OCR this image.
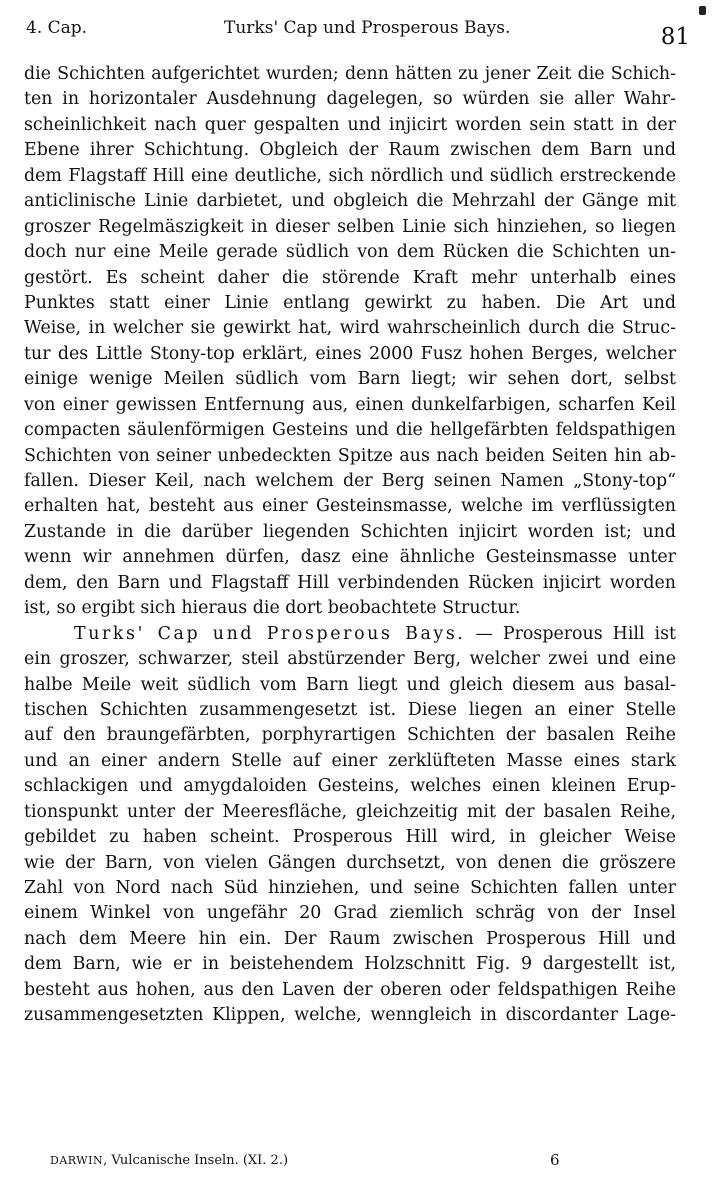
4. Cap.	Turks' Cap und Prosperous Bays.	81
die Schichten aufgerichtet wurden; denn hätten zu jener Zeit die Schich-
ten in horizontaler Ausdehnung dagelegen, so würden sie aller Wahr-
scheinlichkeit nach quer gespalten und injicirt worden sein statt in der
Ebene ihrer Schichtung. Obgleich der Raum zwischen dem Barn und
dem Flagstaff Hill eine deutliche, sich nördlich und südlich erstreckende
anticlinische Linie darbietet, und obgleich die Mehrzahl der Gänge mit
groszer Regelmäszigkeit in dieser selben Linie sich hinziehen, so liegen
doch nur eine Meile gerade südlich von dem Rücken die Schichten un-
gestört. Es scheint daher die störende Kraft mehr unterhalb eines
Punktes statt einer Linie entlang gewirkt zu haben. Die Art und
Weise, in welcher sie gewirkt hat, wird wahrscheinlich durch die Struc-
tur des Little Stony-top erklärt, eines 2000 Fusz hohen Berges, welcher
einige wenige Meilen südlich vom Barn liegt; wir sehen dort, selbst
von einer gewissen Entfernung aus, einen dunkelfarbigen, scharfen Keil
compacten säulenförmigen Gesteins und die hellgefärbten feldspathigen
Schichten von seiner unbedeckten Spitze aus nach beiden Seiten hin ab-
fallen. Dieser Keil, nach welchem der Berg seinen Namen „Stony-top“
erhalten hat, besteht aus einer Gesteinsmasse, welche im verflüssigten
Zustande in die darüber liegenden Schichten injicirt worden ist; und
wenn wir annehmen dürfen, dasz eine ähnliche Gesteinsmasse unter
dem, den Barn und Flagstaff Hill verbindenden Rücken injicirt worden
ist, so ergibt sich hieraus die dort beobachtete Structur.
Turks' Cap und Prosperous Bays. — Prosperous Hill ist
ein groszer, schwarzer, steil abstürzender Berg, welcher zwei und eine
halbe Meile weit südlich vom Barn liegt und gleich diesem aus basal-
tischen Schichten zusammengesetzt ist. Diese liegen an einer Stelle
auf den braungefärbten, porphyrartigen Schichten der basalen Reihe
und an einer andern Stelle auf einer zerklüfteten Masse eines stark
schlackigen und amygdaloiden Gesteins, welches einen kleinen Erup-
tionspunkt unter der Meeresfläche, gleichzeitig mit der basalen Reihe,
gebildet zu haben scheint. Prosperous Hill wird, in gleicher Weise
wie der Barn, von vielen Gängen durchsetzt, von denen die gröszere
Zahl von Nord nach Süd hinziehen, und seine Schichten fallen unter
einem Winkel von ungefähr 20 Grad ziemlich schräg von der Insel
nach dem Meere hin ein. Der Raum zwischen Prosperous Hill und
dem Barn, wie er in beistehendem Holzschnitt Fig. 9 dargestellt ist,
besteht aus hohen, aus den Laven der oberen oder feldspathigen Reihe
zusammengesetzten Klippen, welche, wenngleich in discordanter Lage-
DARWIN, Vulcanische Inseln. (XI. 2.)	6
